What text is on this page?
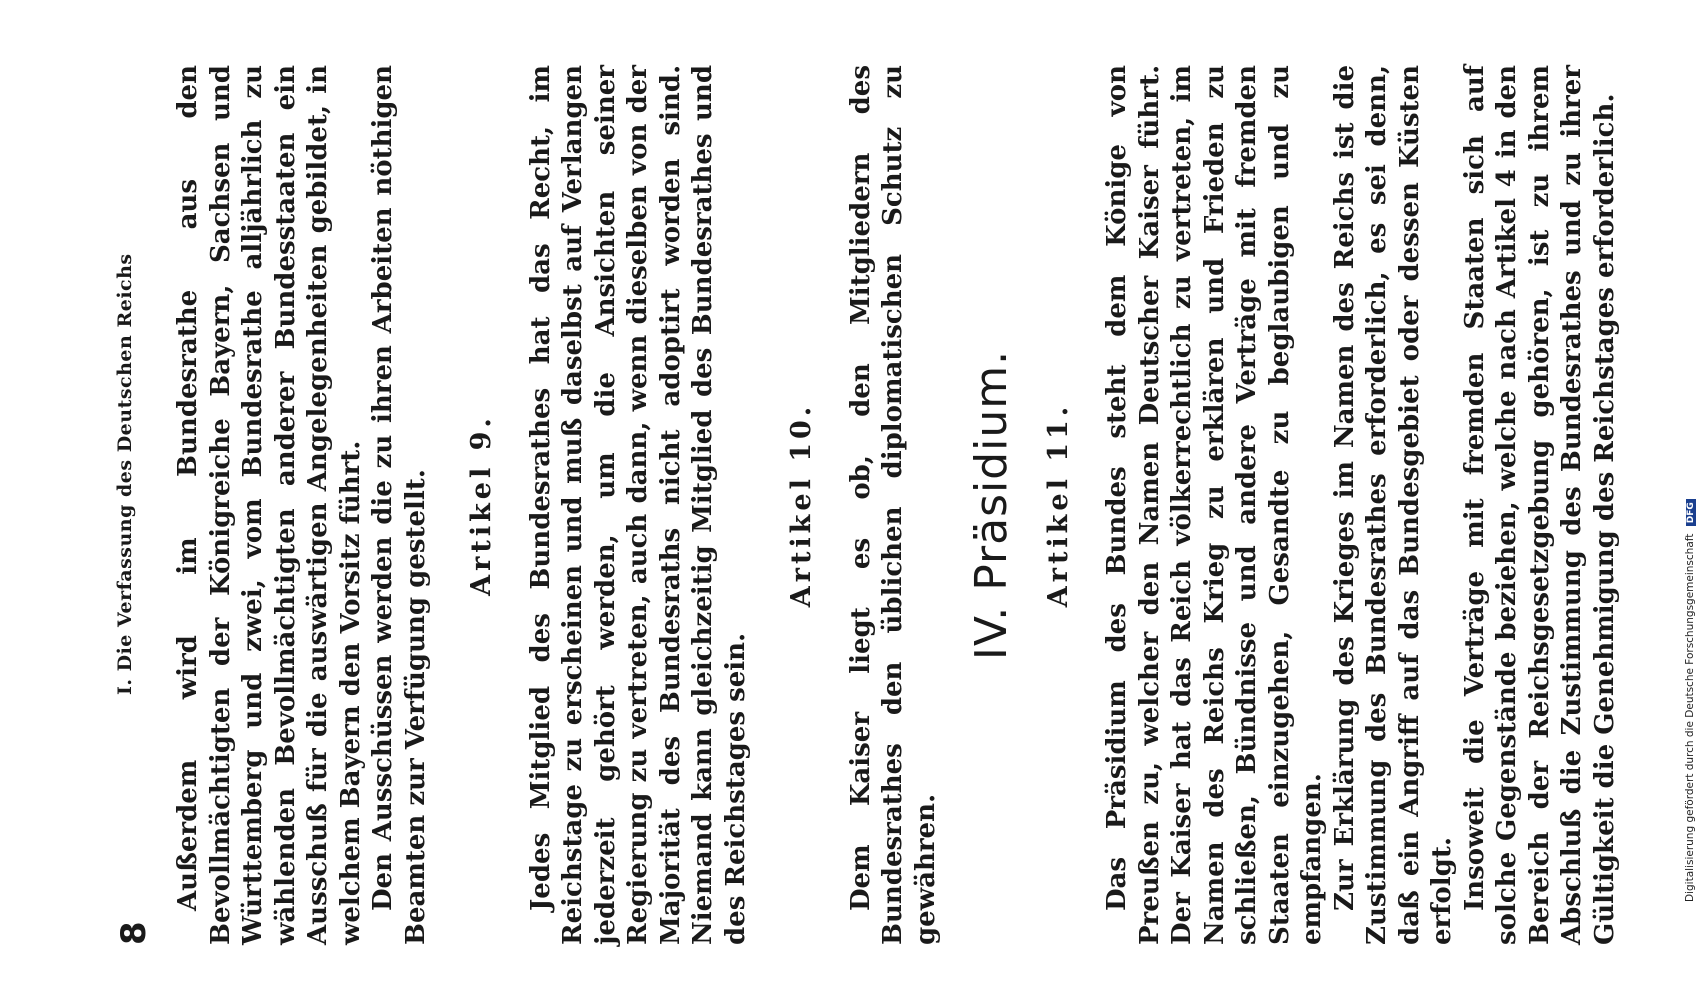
8
I. Die Verfassung des Deutschen Reichs Außerdem wird im Bundesrathe aus den Bevollmächtigten der Königreiche Bayern, Sachsen und Württemberg und zwei, vom Bundesrathe alljährlich zu wählenden Bevollmächtigten anderer Bundesstaaten ein Ausschuß für die auswärtigen Angelegenheiten gebildet, in welchem Bayern den Vorsitz führt. Den Ausschüssen werden die zu ihren Arbeiten nöthigen Beamten zur Verfügung gestellt. Artikel 9. Jedes Mitglied des Bundesrathes hat das Recht, im Reichstage zu erscheinen und muß daselbst auf Verlangen jederzeit gehört werden, um die Ansichten seiner Regierung zu vertreten, auch dann, wenn dieselben von der Majorität des Bundesraths nicht adoptirt worden sind. Niemand kann gleichzeitig Mitglied des Bundesrathes und des Reichstages sein.

Artikel 10. Dem Kaiser liegt es ob, den Mitgliedern des Bundesrathes den üblichen diplomatischen Schutz zu gewähren.

IV. Präsidium. Artikel 11. Das Präsidium des Bundes steht dem Könige von Preußen zu, welcher den Namen Deutscher Kaiser führt. Der Kaiser hat das Reich völkerrechtlich zu vertreten, im Namen des Reichs Krieg zu erklären und Frieden zu schließen, Bündnisse und andere Verträge mit fremden Staaten einzugehen, Gesandte zu beglaubigen und zu empfangen. Zur Erklärung des Krieges im Namen des Reichs ist die Zustimmung des Bundesrathes erforderlich, es sei denn, daß ein Angriff auf das Bundesgebiet oder dessen Küsten erfolgt. Insoweit die Verträge mit fremden Staaten sich auf solche Gegenstände beziehen, welche nach Artikel 4 in den Bereich der Reichsgesetzgebung gehören, ist zu ihrem Abschluß die Zustimmung des Bundesrathes und zu ihrer Gültigkeit die Genehmigung des Reichstages erforderlich.	Digitalisierung gefördert durch die Deutsche Forschungsgemeinschaft DFG
